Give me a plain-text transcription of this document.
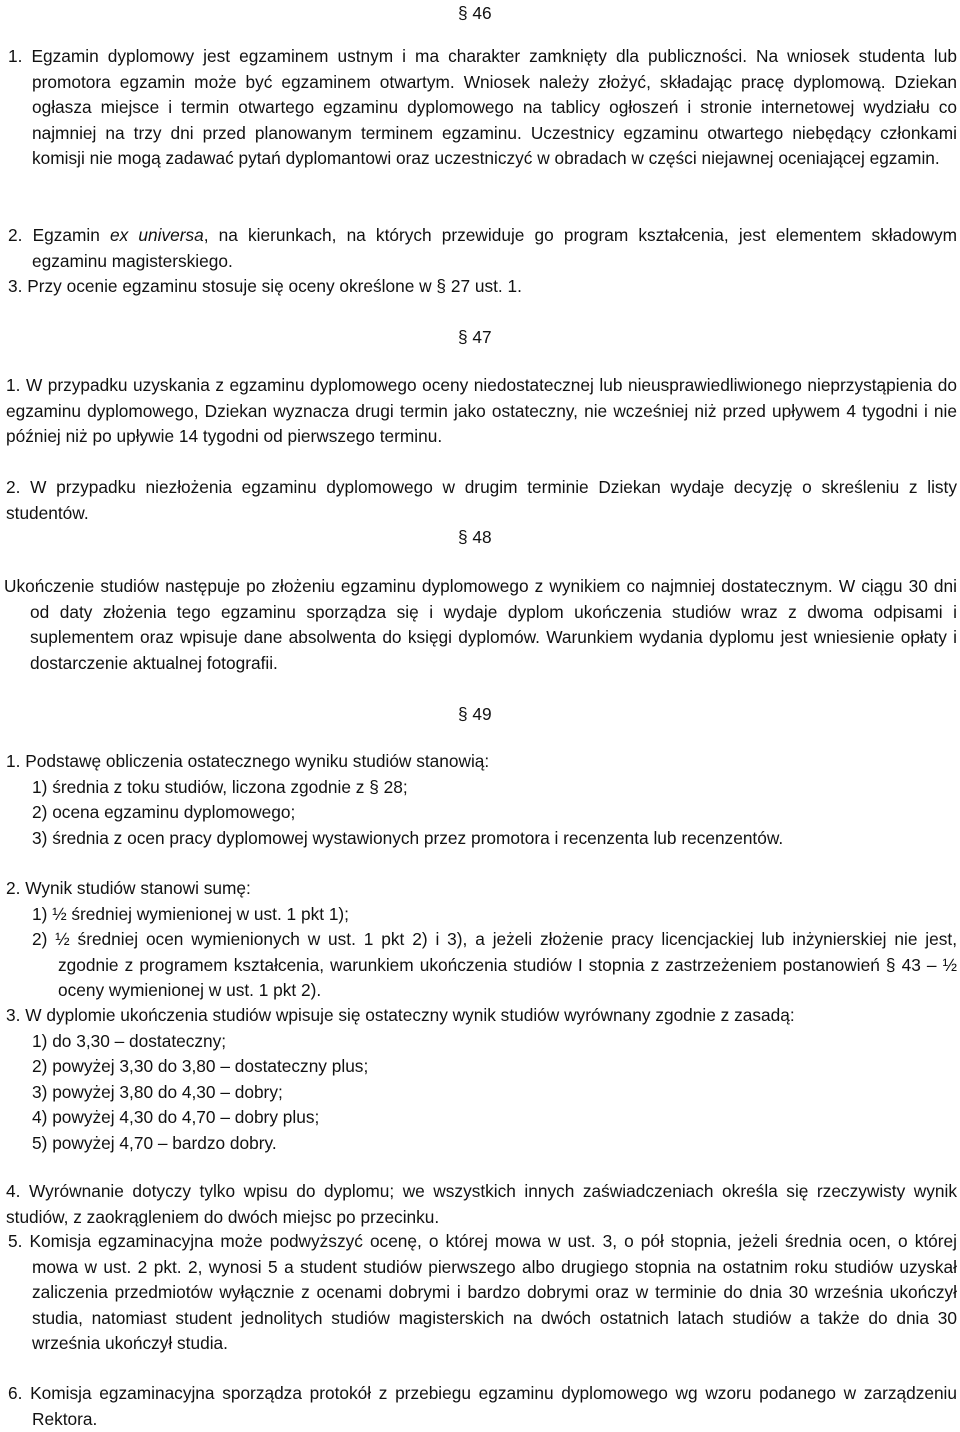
§ 46

1. Egzamin dyplomowy jest egzaminem ustnym i ma charakter zamknięty dla publiczności. Na wniosek studenta lub promotora egzamin może być egzaminem otwartym. Wniosek należy złożyć, składając pracę dyplomową. Dziekan ogłasza miejsce i termin otwartego egzaminu dyplomowego na tablicy ogłoszeń i stronie internetowej wydziału co najmniej na trzy dni przed planowanym terminem egzaminu. Uczestnicy egzaminu otwartego niebędący członkami komisji nie mogą zadawać pytań dyplomantowi oraz uczestniczyć w obradach w części niejawnej oceniającej egzamin.

2. Egzamin ex universa, na kierunkach, na których przewiduje go program kształcenia, jest elementem składowym egzaminu magisterskiego.

3. Przy ocenie egzaminu stosuje się oceny określone w § 27 ust. 1.

§ 47

1. W przypadku uzyskania z egzaminu dyplomowego oceny niedostatecznej lub nieusprawiedliwionego nieprzystąpienia do egzaminu dyplomowego, Dziekan wyznacza drugi termin jako ostateczny, nie wcześniej niż przed upływem 4 tygodni i nie później niż po upływie 14 tygodni od pierwszego terminu.

2. W przypadku niezłożenia egzaminu dyplomowego w drugim terminie Dziekan wydaje decyzję o skreśleniu z listy studentów.

§ 48

Ukończenie studiów następuje po złożeniu egzaminu dyplomowego z wynikiem co najmniej dostatecznym. W ciągu 30 dni od daty złożenia tego egzaminu sporządza się i wydaje dyplom ukończenia studiów wraz z dwoma odpisami i suplementem oraz wpisuje dane absolwenta do księgi dyplomów. Warunkiem wydania dyplomu jest wniesienie opłaty i dostarczenie aktualnej fotografii.

§ 49

1. Podstawę obliczenia ostatecznego wyniku studiów stanowią:

1) średnia z toku studiów, liczona zgodnie z § 28;

2) ocena egzaminu dyplomowego;

3) średnia z ocen pracy dyplomowej wystawionych przez promotora i recenzenta lub recenzentów.

2. Wynik studiów stanowi sumę:

1) ½ średniej wymienionej w ust. 1 pkt 1);

2) ½ średniej ocen wymienionych w ust. 1 pkt 2) i 3), a jeżeli złożenie pracy licencjackiej lub inżynierskiej nie jest, zgodnie z programem kształcenia, warunkiem ukończenia studiów I stopnia z zastrzeżeniem postanowień § 43 – ½ oceny wymienionej w ust. 1 pkt 2).

3. W dyplomie ukończenia studiów wpisuje się ostateczny wynik studiów wyrównany zgodnie z zasadą:

1) do 3,30 – dostateczny;

2) powyżej 3,30 do 3,80 – dostateczny plus;

3) powyżej 3,80 do 4,30 – dobry;

4) powyżej 4,30 do 4,70 – dobry plus;

5) powyżej 4,70 – bardzo dobry.

4. Wyrównanie dotyczy tylko wpisu do dyplomu; we wszystkich innych zaświadczeniach określa się rzeczywisty wynik studiów, z zaokrągleniem do dwóch miejsc po przecinku.

5. Komisja egzaminacyjna może podwyższyć ocenę, o której mowa w ust. 3, o pół stopnia, jeżeli średnia ocen, o której mowa w ust. 2 pkt. 2, wynosi 5 a student studiów pierwszego albo drugiego stopnia na ostatnim roku studiów uzyskał zaliczenia przedmiotów wyłącznie z ocenami dobrymi i bardzo dobrymi oraz w terminie do dnia 30 września ukończył studia, natomiast student jednolitych studiów magisterskich na dwóch ostatnich latach studiów a także do dnia 30 września ukończył studia.

6. Komisja egzaminacyjna sporządza protokół z przebiegu egzaminu dyplomowego wg wzoru podanego w zarządzeniu Rektora.
